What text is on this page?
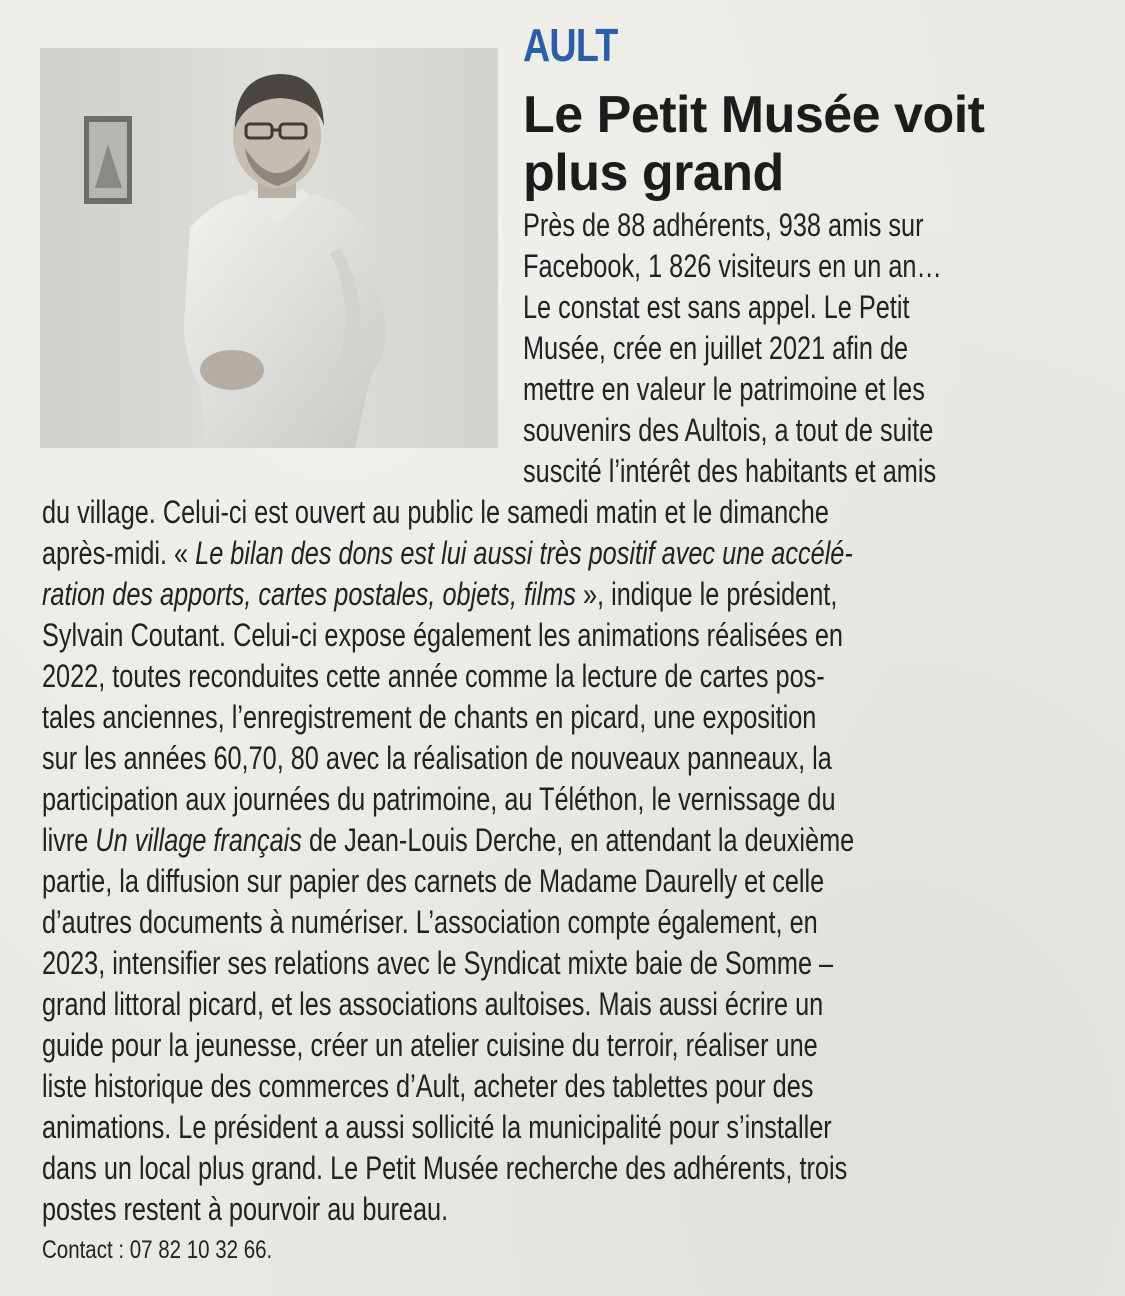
AULT
Le Petit Musée voit plus grand
Près de 88 adhérents, 938 amis sur
Facebook, 1 826 visiteurs en un an…
Le constat est sans appel. Le Petit
Musée, crée en juillet 2021 afin de
mettre en valeur le patrimoine et les
souvenirs des Aultois, a tout de suite
suscité l’intérêt des habitants et amis
du village. Celui-ci est ouvert au public le samedi matin et le dimanche
après-midi. « Le bilan des dons est lui aussi très positif avec une accélé-
ration des apports, cartes postales, objets, films », indique le président,
Sylvain Coutant. Celui-ci expose également les animations réalisées en
2022, toutes reconduites cette année comme la lecture de cartes pos-
tales anciennes, l’enregistrement de chants en picard, une exposition
sur les années 60,70, 80 avec la réalisation de nouveaux panneaux, la
participation aux journées du patrimoine, au Téléthon, le vernissage du
livre Un village français de Jean-Louis Derche, en attendant la deuxième
partie, la diffusion sur papier des carnets de Madame Daurelly et celle
d’autres documents à numériser. L’association compte également, en
2023, intensifier ses relations avec le Syndicat mixte baie de Somme –
grand littoral picard, et les associations aultoises. Mais aussi écrire un
guide pour la jeunesse, créer un atelier cuisine du terroir, réaliser une
liste historique des commerces d’Ault, acheter des tablettes pour des
animations. Le président a aussi sollicité la municipalité pour s’installer
dans un local plus grand. Le Petit Musée recherche des adhérents, trois
postes restent à pourvoir au bureau.
Contact : 07 82 10 32 66.
